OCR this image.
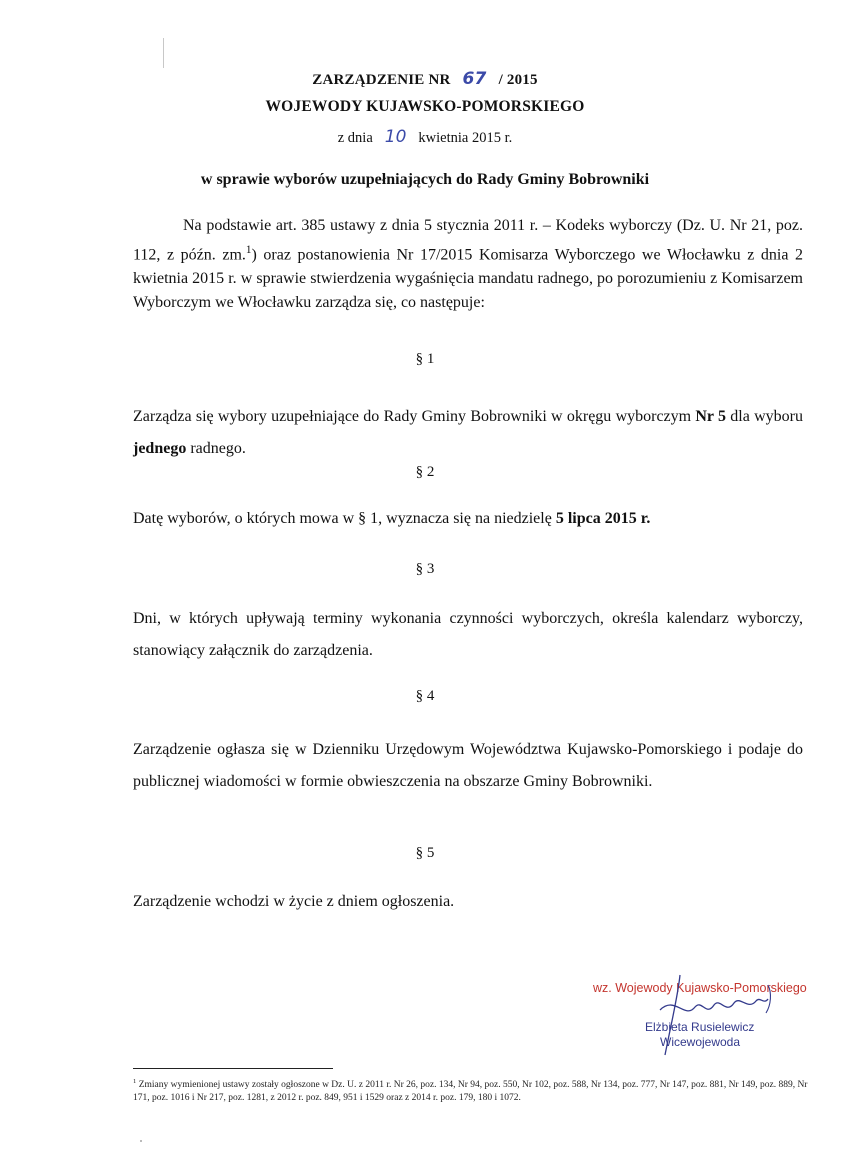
ZARZĄDZENIE NR 67 / 2015
WOJEWODY KUJAWSKO-POMORSKIEGO
z dnia 10 kwietnia 2015 r.
w sprawie wyborów uzupełniających do Rady Gminy Bobrowniki
Na podstawie art. 385 ustawy z dnia 5 stycznia 2011 r. – Kodeks wyborczy (Dz. U. Nr 21, poz. 112, z późn. zm.$^1$) oraz postanowienia Nr 17/2015 Komisarza Wyborczego we Włocławku z dnia 2 kwietnia 2015 r. w sprawie stwierdzenia wygaśnięcia mandatu radnego, po porozumieniu z Komisarzem Wyborczym we Włocławku zarządza się, co następuje:
§ 1
Zarządza się wybory uzupełniające do Rady Gminy Bobrowniki w okręgu wyborczym Nr 5 dla wyboru jednego radnego.
§ 2
Datę wyborów, o których mowa w § 1, wyznacza się na niedzielę 5 lipca 2015 r.
§ 3
Dni, w których upływają terminy wykonania czynności wyborczych, określa kalendarz wyborczy, stanowiący załącznik do zarządzenia.
§ 4
Zarządzenie ogłasza się w Dzienniku Urzędowym Województwa Kujawsko-Pomorskiego i podaje do publicznej wiadomości w formie obwieszczenia na obszarze Gminy Bobrowniki.
§ 5
Zarządzenie wchodzi w życie z dniem ogłoszenia.
wz. Wojewody Kujawsko-Pomorskiego
Elżbieta Rusielewicz
Wicewojewoda
$^1$ Zmiany wymienionej ustawy zostały ogłoszone w Dz. U. z 2011 r. Nr 26, poz. 134, Nr 94, poz. 550, Nr 102, poz. 588, Nr 134, poz. 777, Nr 147, poz. 881, Nr 149, poz. 889, Nr 171, poz. 1016 i Nr 217, poz. 1281, z 2012 r. poz. 849, 951 i 1529 oraz z 2014 r. poz. 179, 180 i 1072.
